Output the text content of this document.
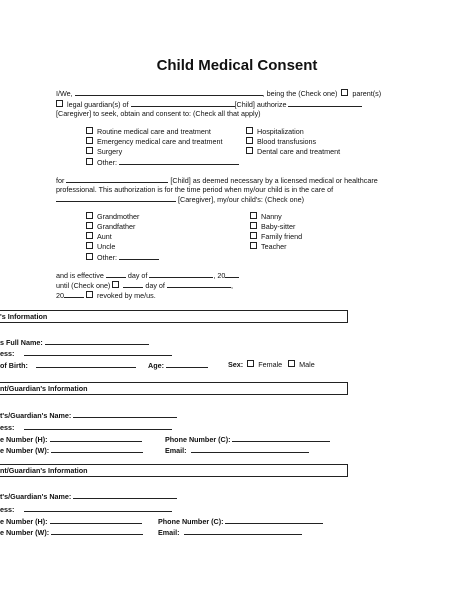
Child Medical Consent
I/We,	, being the (Check one) parent(s)
legal guardian(s) of	[Child] authorize
[Caregiver] to seek, obtain and consent to: (Check all that apply)
Routine medical care and treatment
Emergency medical care and treatment
Surgery
Other:
Hospitalization
Blood transfusions
Dental care and treatment
for	[Child] as deemed necessary by a licensed medical or healthcare
professional. This authorization is for the time period when my/our child is in the care of
[Caregiver], my/our child's: (Check one)
Grandmother
Grandfather
Aunt
Uncle
Other:
Nanny
Baby-sitter
Family friend
Teacher
and is effective	day of	, 20
until (Check one)	day of	,
20	revoked by me/us.
's Information
s Full Name:
ess:
of Birth:	Age:	Sex: Female Male
nt/Guardian's Information
t's/Guardian's Name:
ess:
e Number (H):	Phone Number (C):
e Number (W):	Email:
nt/Guardian's Information
t's/Guardian's Name:
ess:
e Number (H):	Phone Number (C):
e Number (W):	Email:
